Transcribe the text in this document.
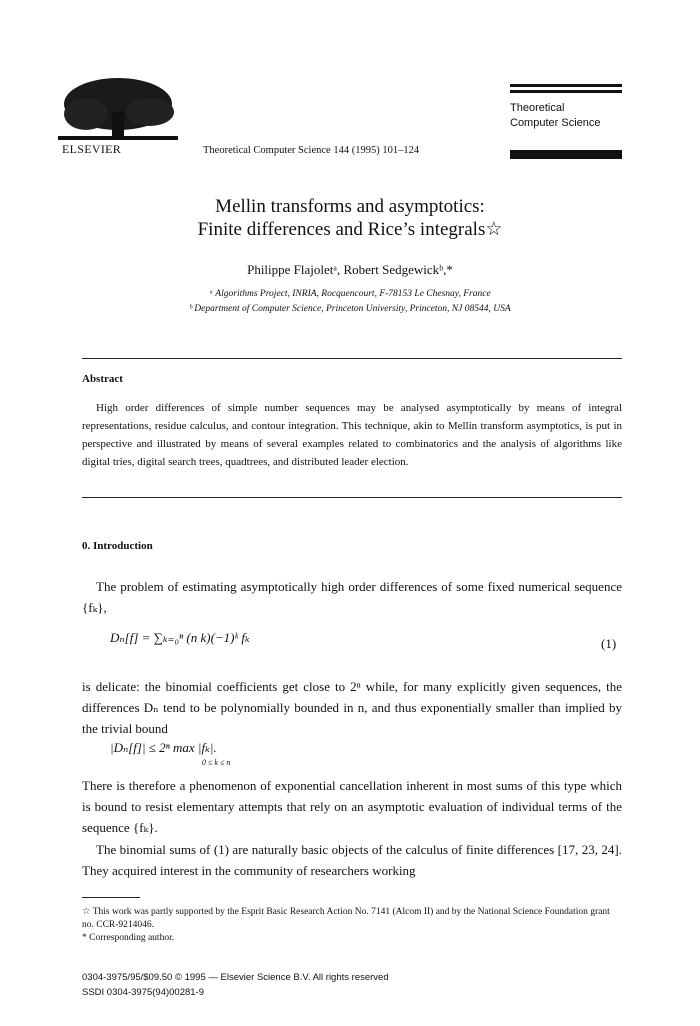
ELSEVIER	Theoretical Computer Science 144 (1995) 101–124
Theoretical
Computer Science
Mellin transforms and asymptotics:
Finite differences and Rice’s integrals☆
Philippe Flajoletᵃ, Robert Sedgewickᵇ,*
ᵃ Algorithms Project, INRIA, Rocquencourt, F-78153 Le Chesnay, France
ᵇ Department of Computer Science, Princeton University, Princeton, NJ 08544, USA
Abstract
High order differences of simple number sequences may be analysed asymptotically by means of integral representations, residue calculus, and contour integration. This technique, akin to Mellin transform asymptotics, is put in perspective and illustrated by means of several examples related to combinatorics and the analysis of algorithms like digital tries, digital search trees, quadtrees, and distributed leader election.
0. Introduction
The problem of estimating asymptotically high order differences of some fixed numerical sequence {fₖ},
Dₙ[f] = ∑ₖ₌₀ⁿ (n k)(−1)ᵏ fₖ	(1)
is delicate: the binomial coefficients get close to 2ⁿ while, for many explicitly given sequences, the differences Dₙ tend to be polynomially bounded in n, and thus exponentially smaller than implied by the trivial bound
|Dₙ[f]| ≤ 2ⁿ max |fₖ|.
0 ≤ k ≤ n
There is therefore a phenomenon of exponential cancellation inherent in most sums of this type which is bound to resist elementary attempts that rely on an asymptotic evaluation of individual terms of the sequence {fₖ}.
The binomial sums of (1) are naturally basic objects of the calculus of finite differences [17, 23, 24]. They acquired interest in the community of researchers working
☆ This work was partly supported by the Esprit Basic Research Action No. 7141 (Alcom II) and by the National Science Foundation grant no. CCR-9214046.
* Corresponding author.
0304-3975/95/$09.50 © 1995 — Elsevier Science B.V. All rights reserved
SSDI 0304-3975(94)00281-9
